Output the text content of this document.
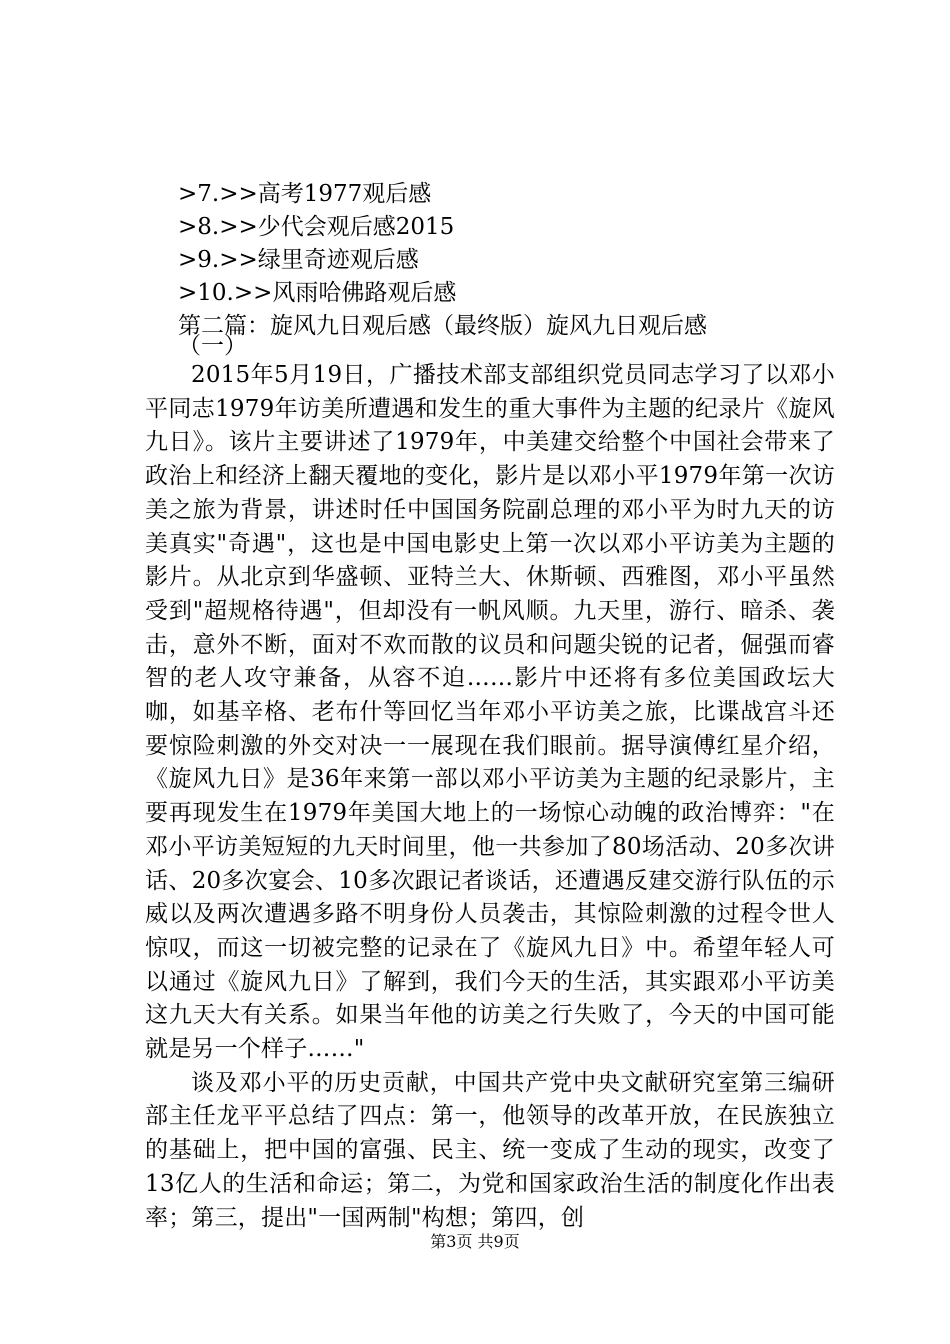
>7.>>高考1977观后感
>8.>>少代会观后感2015
>9.>>绿里奇迹观后感
>10.>>风雨哈佛路观后感
第二篇：旋风九日观后感（最终版）旋风九日观后感
（一）

2015年5月19日，广播技术部支部组织党员同志学习了以邓小平同志1979年访美所遭遇和发生的重大事件为主题的纪录片《旋风九日》。该片主要讲述了1979年，中美建交给整个中国社会带来了政治上和经济上翻天覆地的变化，影片是以邓小平1979年第一次访美之旅为背景，讲述时任中国国务院副总理的邓小平为时九天的访美真实"奇遇"，这也是中国电影史上第一次以邓小平访美为主题的影片。从北京到华盛顿、亚特兰大、休斯顿、西雅图，邓小平虽然受到"超规格待遇"，但却没有一帆风顺。九天里，游行、暗杀、袭击，意外不断，面对不欢而散的议员和问题尖锐的记者，倔强而睿智的老人攻守兼备，从容不迫……影片中还将有多位美国政坛大咖，如基辛格、老布什等回忆当年邓小平访美之旅，比谍战宫斗还要惊险刺激的外交对决一一展现在我们眼前。据导演傅红星介绍，《旋风九日》是36年来第一部以邓小平访美为主题的纪录影片，主要再现发生在1979年美国大地上的一场惊心动魄的政治博弈："在邓小平访美短短的九天时间里，他一共参加了80场活动、20多次讲话、20多次宴会、10多次跟记者谈话，还遭遇反建交游行队伍的示威以及两次遭遇多路不明身份人员袭击，其惊险刺激的过程令世人惊叹，而这一切被完整的记录在了《旋风九日》中。希望年轻人可以通过《旋风九日》了解到，我们今天的生活，其实跟邓小平访美这九天大有关系。如果当年他的访美之行失败了，今天的中国可能就是另一个样子……"

谈及邓小平的历史贡献，中国共产党中央文献研究室第三编研部主任龙平平总结了四点：第一，他领导的改革开放，在民族独立的基础上，把中国的富强、民主、统一变成了生动的现实，改变了13亿人的生活和命运；第二，为党和国家政治生活的制度化作出表率；第三，提出"一国两制"构想；第四，创

第3页 共9页
